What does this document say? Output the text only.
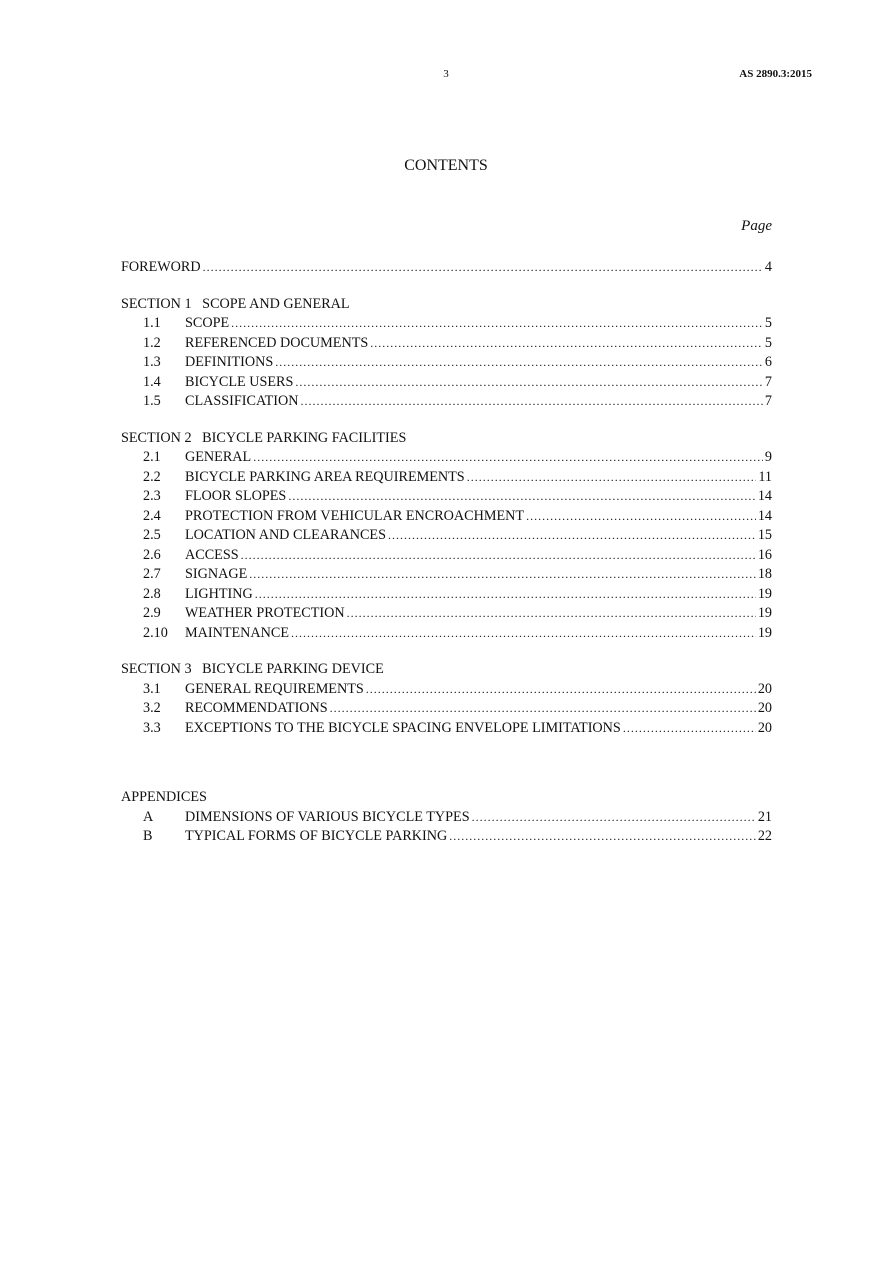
3	AS 2890.3:2015
CONTENTS
Page
FOREWORD .....	4
SECTION 1   SCOPE AND GENERAL
1.1	SCOPE .....	5
1.2	REFERENCED DOCUMENTS .....	5
1.3	DEFINITIONS .....	6
1.4	BICYCLE USERS .....	7
1.5	CLASSIFICATION .....	7
SECTION 2   BICYCLE PARKING FACILITIES
2.1	GENERAL .....	9
2.2	BICYCLE PARKING AREA REQUIREMENTS .....	11
2.3	FLOOR SLOPES .....	14
2.4	PROTECTION FROM VEHICULAR ENCROACHMENT .....	14
2.5	LOCATION AND CLEARANCES .....	15
2.6	ACCESS .....	16
2.7	SIGNAGE .....	18
2.8	LIGHTING .....	19
2.9	WEATHER PROTECTION .....	19
2.10	MAINTENANCE .....	19
SECTION 3   BICYCLE PARKING DEVICE
3.1	GENERAL REQUIREMENTS .....	20
3.2	RECOMMENDATIONS .....	20
3.3	EXCEPTIONS TO THE BICYCLE SPACING ENVELOPE LIMITATIONS .....	20
APPENDICES
A	DIMENSIONS OF VARIOUS BICYCLE TYPES .....	21
B	TYPICAL FORMS OF BICYCLE PARKING .....	22
